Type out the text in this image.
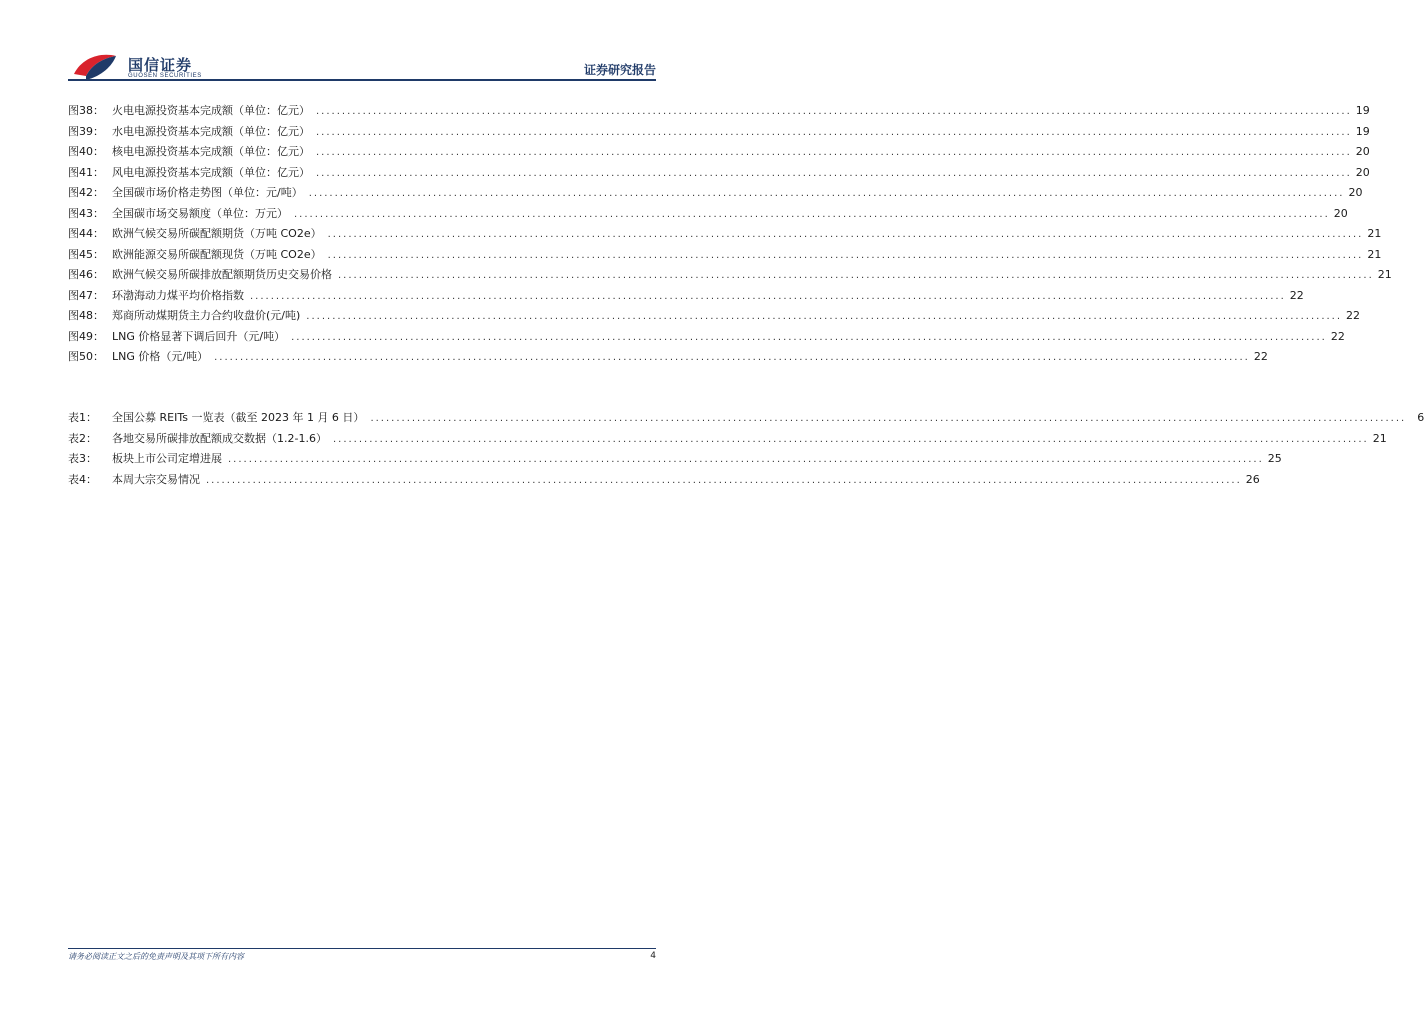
国信证券
GUOSEN SECURITIES	证券研究报告
图38： 火电电源投资基本完成额（单位：亿元） ........................................................................................................................................................................................................ 19
图39： 水电电源投资基本完成额（单位：亿元） ........................................................................................................................................................................................................ 19
图40： 核电电源投资基本完成额（单位：亿元） ........................................................................................................................................................................................................ 20
图41： 风电电源投资基本完成额（单位：亿元） ........................................................................................................................................................................................................ 20
图42： 全国碳市场价格走势图（单位：元/吨） ........................................................................................................................................................................................................ 20
图43： 全国碳市场交易额度（单位：万元） ........................................................................................................................................................................................................ 20
图44： 欧洲气候交易所碳配额期货（万吨 CO2e） ........................................................................................................................................................................................................ 21
图45： 欧洲能源交易所碳配额现货（万吨 CO2e） ........................................................................................................................................................................................................ 21
图46： 欧洲气候交易所碳排放配额期货历史交易价格 ........................................................................................................................................................................................................ 21
图47： 环渤海动力煤平均价格指数 ........................................................................................................................................................................................................ 22
图48： 郑商所动煤期货主力合约收盘价(元/吨) ........................................................................................................................................................................................................ 22
图49： LNG 价格显著下调后回升（元/吨） ........................................................................................................................................................................................................ 22
图50： LNG 价格（元/吨） ........................................................................................................................................................................................................ 22
表1：	全国公募 REITs 一览表（截至 2023 年 1 月 6 日） ........................................................................................................................................................................................................	6
表2：	各地交易所碳排放配额成交数据（1.2-1.6） ........................................................................................................................................................................................................ 21
表3：	板块上市公司定增进展 ........................................................................................................................................................................................................ 25
表4：	本周大宗交易情况 ........................................................................................................................................................................................................ 26
请务必阅读正文之后的免责声明及其项下所有内容	4
